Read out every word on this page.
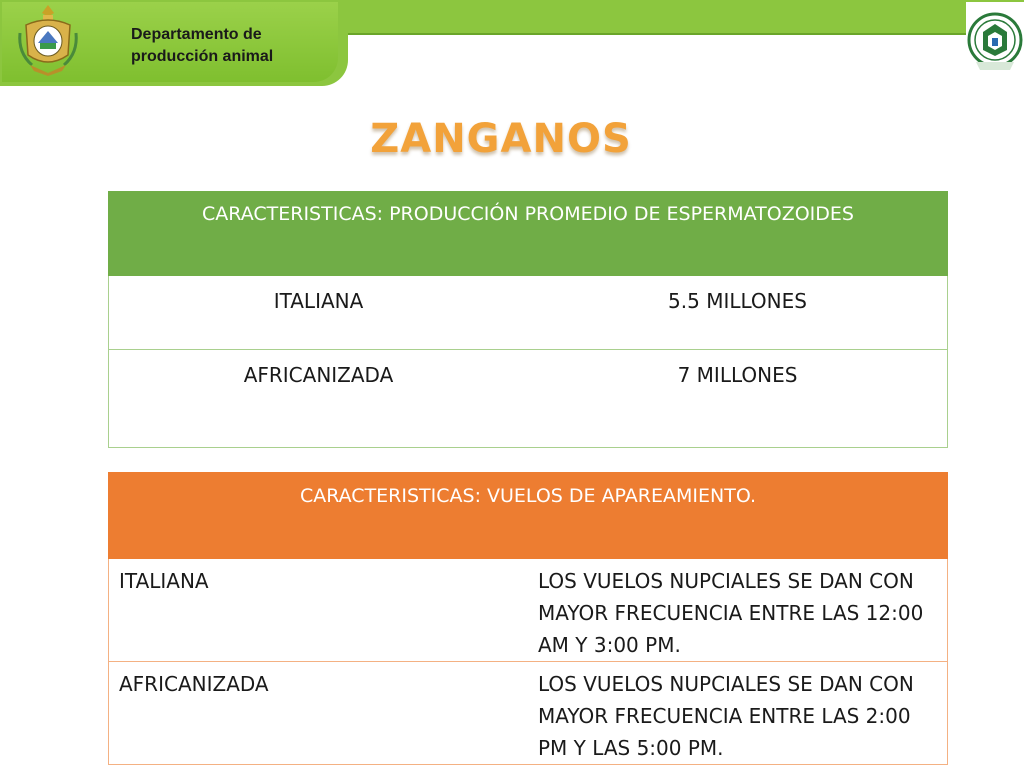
Departamento de
producción animal
ZANGANOS
CARACTERISTICAS: PRODUCCIÓN PROMEDIO DE ESPERMATOZOIDES	
ITALIANA	5.5 MILLONES
AFRICANIZADA	7 MILLONES
CARACTERISTICAS: VUELOS DE APAREAMIENTO.	
ITALIANA	LOS VUELOS NUPCIALES SE DAN CON MAYOR FRECUENCIA ENTRE LAS 12:00 AM Y 3:00 PM.
AFRICANIZADA	LOS VUELOS NUPCIALES SE DAN CON MAYOR FRECUENCIA ENTRE LAS 2:00 PM Y LAS 5:00 PM.
